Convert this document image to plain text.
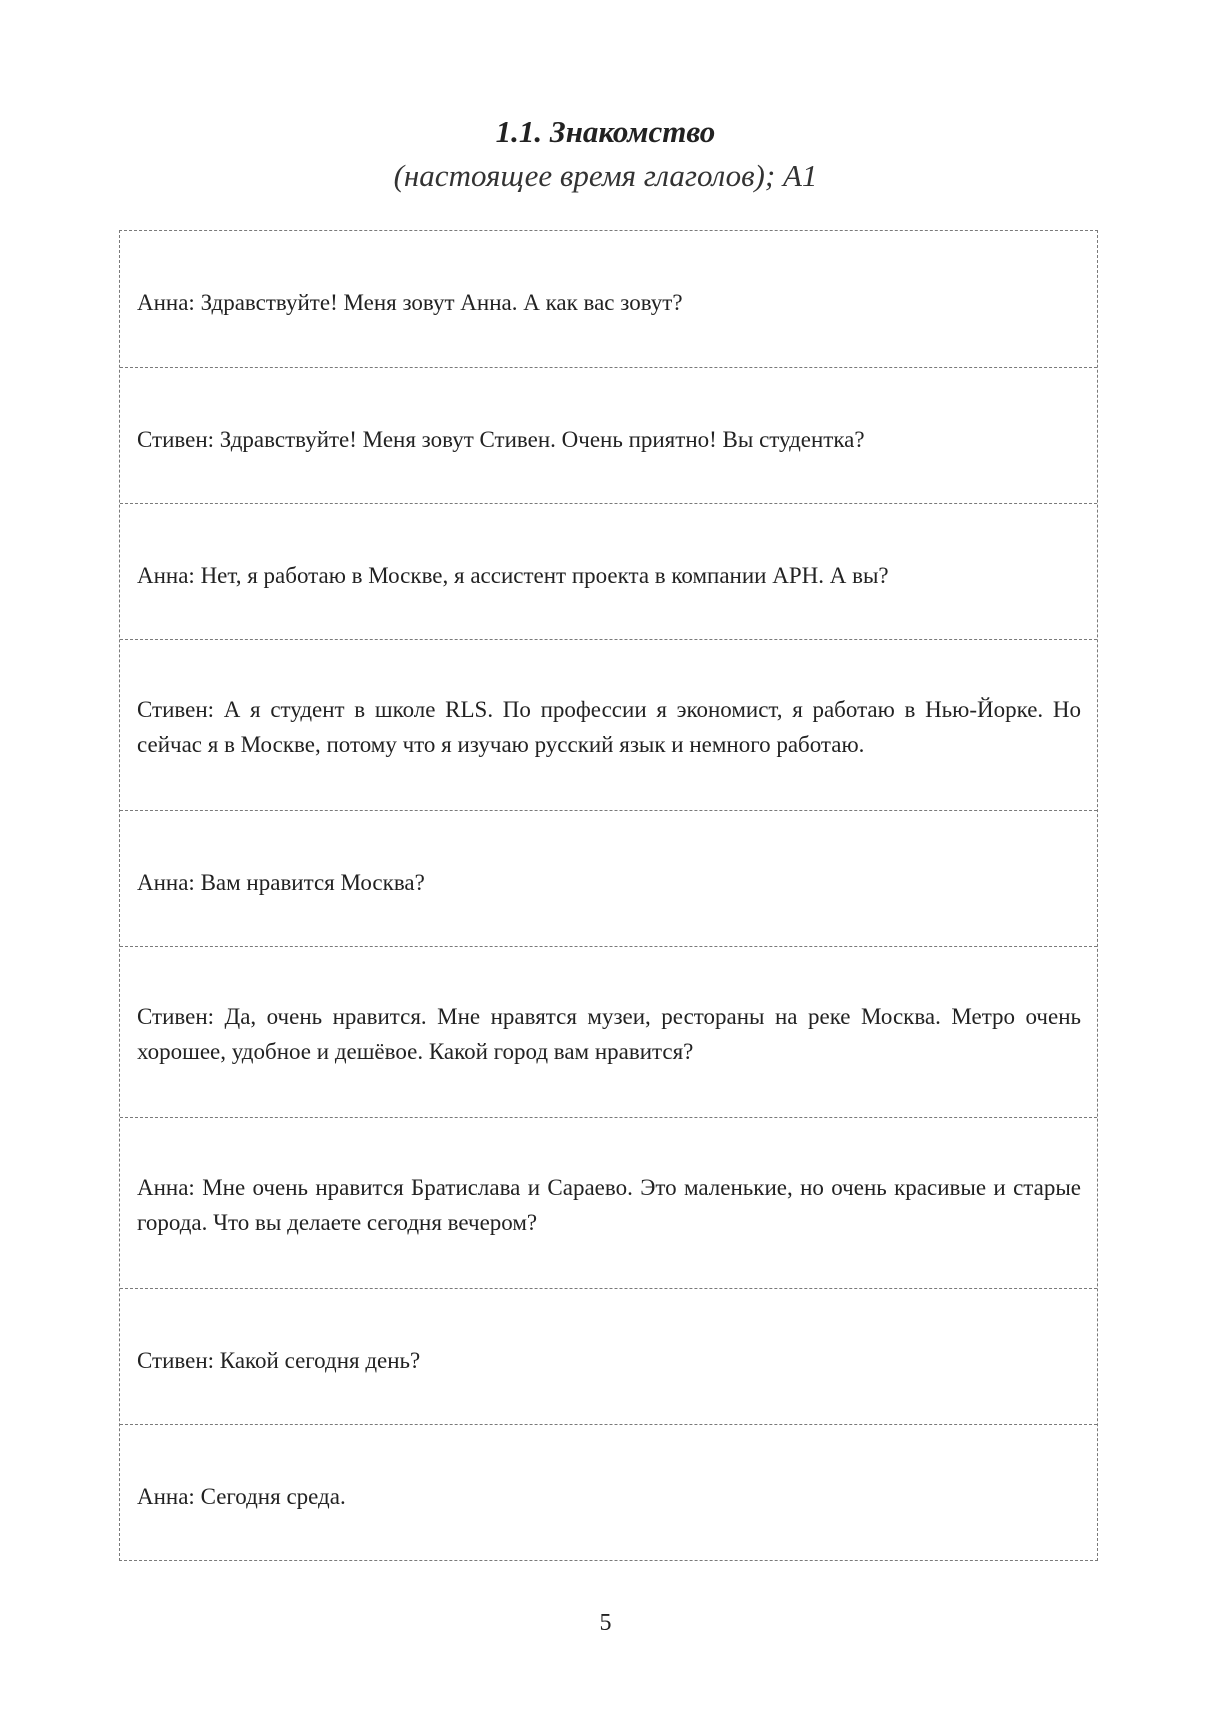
1.1. Знакомство
(настоящее время глаголов); А1

Анна: Здравствуйте! Меня зовут Анна. А как вас зовут?

Стивен: Здравствуйте! Меня зовут Стивен. Очень приятно! Вы студентка?

Анна: Нет, я работаю в Москве, я ассистент проекта в компании АРН. А вы?

Стивен: А я студент в школе RLS. По профессии я экономист, я работаю в Нью-Йорке. Но сейчас я в Москве, потому что я изучаю русский язык и немного работаю.

Анна: Вам нравится Москва?

Стивен: Да, очень нравится. Мне нравятся музеи, рестораны на реке Москва. Метро очень хорошее, удобное и дешёвое. Какой город вам нравится?

Анна: Мне очень нравится Братислава и Сараево. Это маленькие, но очень красивые и старые города. Что вы делаете сегодня вечером?

Стивен: Какой сегодня день?

Анна: Сегодня среда.

5
